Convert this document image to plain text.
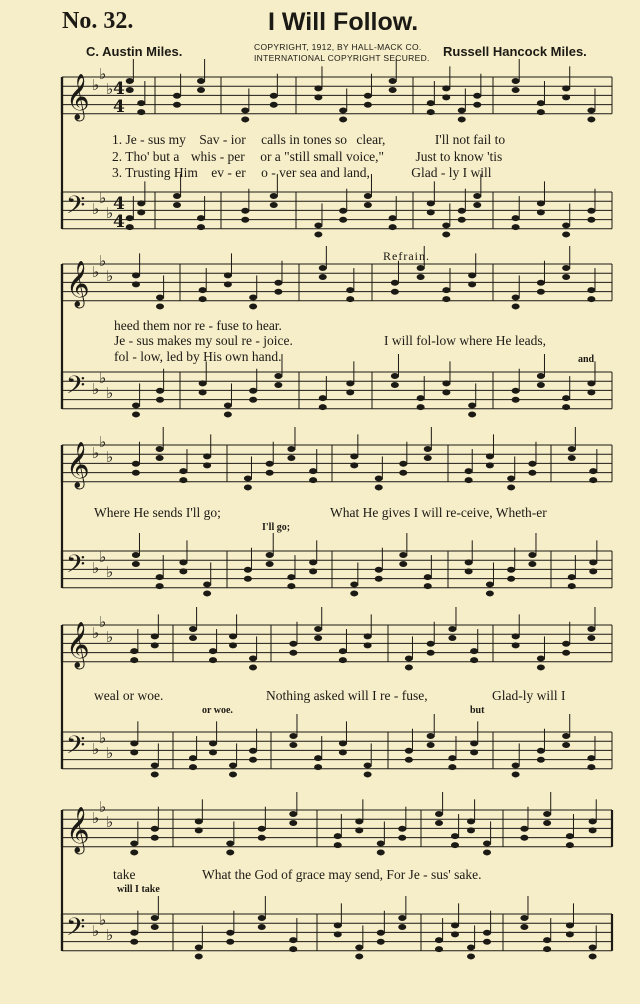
No. 32.	I Will Follow.
C. Austin Miles.	COPYRIGHT, 1912, BY HALL-MACK CO.
INTERNATIONAL COPYRIGHT SECURED. Russell Hancock Miles.
𝄞 ♭
♭
♭
𝄢 ♭
♭
♭
𝄞 ♭
♭
♭
𝄢 ♭
♭
♭
𝄞 ♭
♭
♭
𝄢 ♭
♭
♭
𝄞 ♭
♭
♭
𝄢 ♭
♭
♭
𝄞 ♭
♭
♭
𝄢 ♭
♭
♭
4
4
4
4
1. Je - sus my Sav - ior calls in tones so clear,	I'll not fail to
2. Tho' but a whis - per or a "still small voice," Just to know 'tis
3. Trusting Him ev - er o - ver sea and land,	Glad - ly I will
Refrain.
heed them nor re - fuse to hear.
Je - sus makes my soul re - joice.
fol - low, led by His own hand.
I will fol-low where He leads,
and
Where He sends I'll go;	What He gives I will re-ceive, Wheth-er
I'll go;
weal or woe.	Nothing asked will I re - fuse,	Glad-ly will I
or woe.	but
take	What the God of grace may send, For Je - sus' sake.
will I take
